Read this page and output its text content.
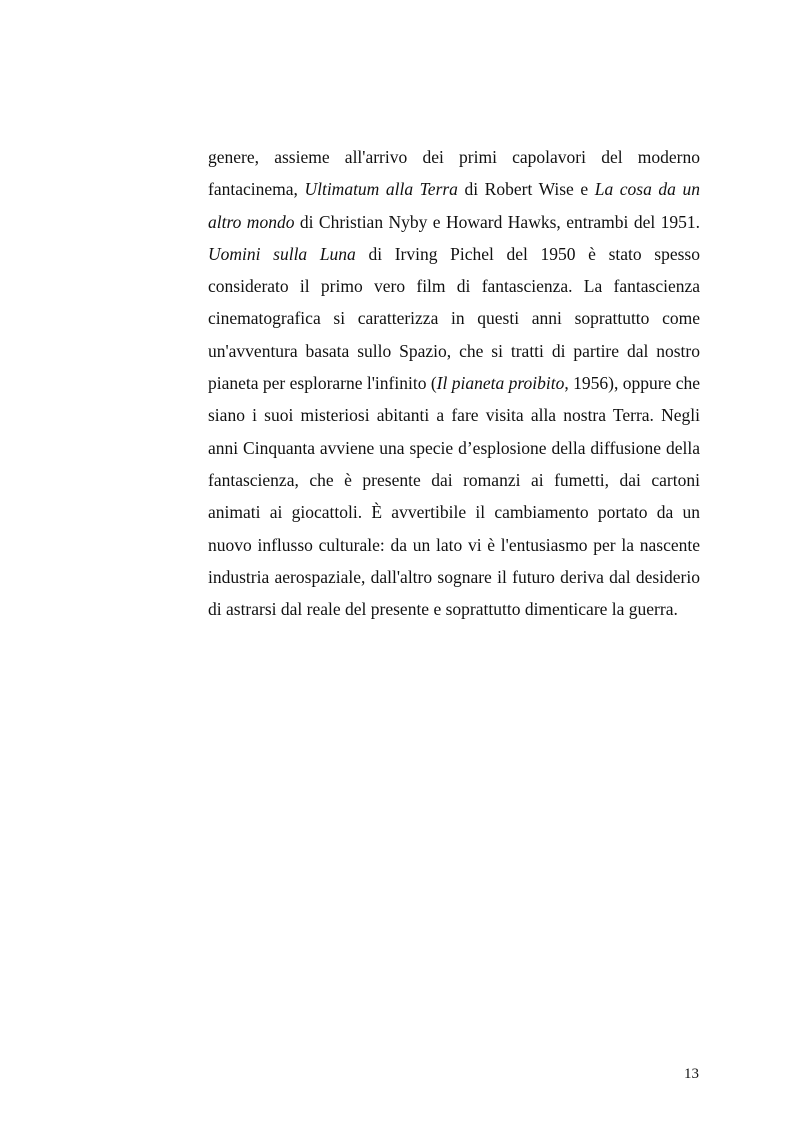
genere, assieme all'arrivo dei primi capolavori del moderno fantacinema, Ultimatum alla Terra di Robert Wise e La cosa da un altro mondo di Christian Nyby e Howard Hawks, entrambi del 1951. Uomini sulla Luna di Irving Pichel del 1950 è stato spesso considerato il primo vero film di fantascienza. La fantascienza cinematografica si caratterizza in questi anni soprattutto come un'avventura basata sullo Spazio, che si tratti di partire dal nostro pianeta per esplorarne l'infinito (Il pianeta proibito, 1956), oppure che siano i suoi misteriosi abitanti a fare visita alla nostra Terra. Negli anni Cinquanta avviene una specie d’esplosione della diffusione della fantascienza, che è presente dai romanzi ai fumetti, dai cartoni animati ai giocattoli. È avvertibile il cambiamento portato da un nuovo influsso culturale: da un lato vi è l'entusiasmo per la nascente industria aerospaziale, dall'altro sognare il futuro deriva dal desiderio di astrarsi dal reale del presente e soprattutto dimenticare la guerra.

13
